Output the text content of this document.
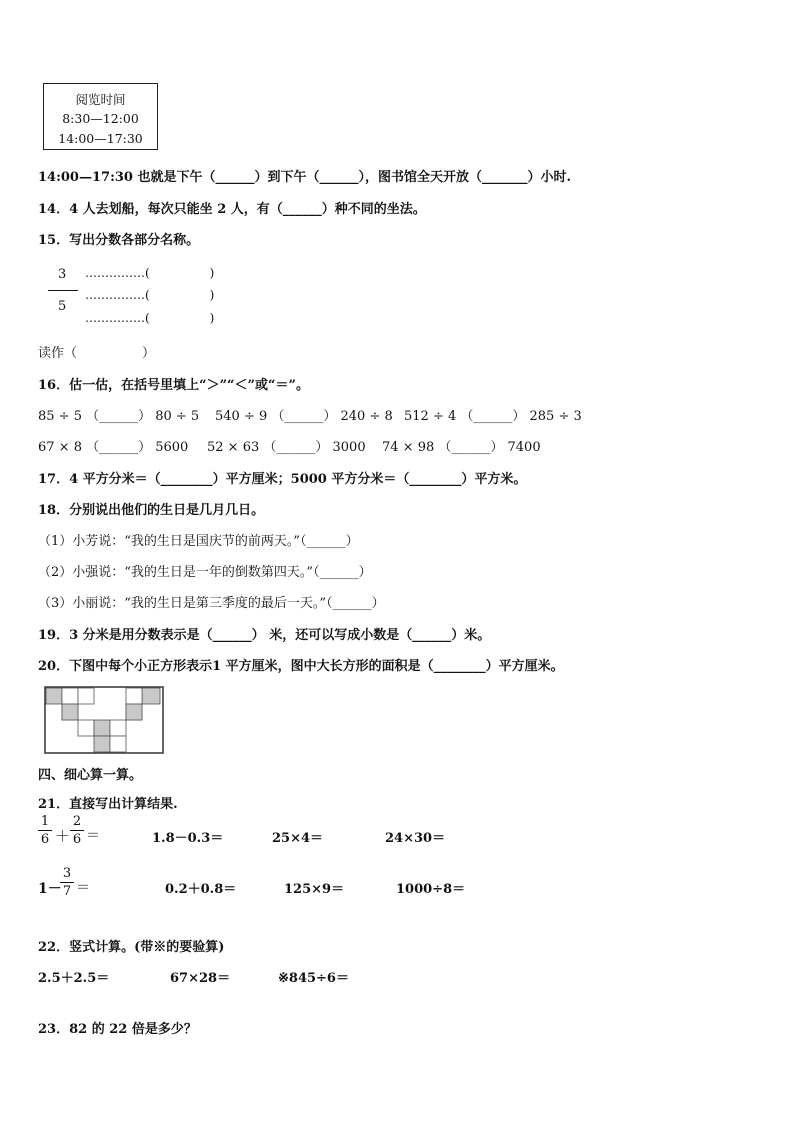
阅览时间
8:30—12:00
14:00—17:30
14:00—17:30 也就是下午（______）到下午（______），图书馆全天开放（_______）小时.
14．4 人去划船，每次只能坐 2 人，有（______）种不同的坐法。
15．写出分数各部分名称。
3
5
……………(　　　　　)
……………(　　　　　)
……………(　　　　　)
读作（　　　　　）
16．估一估，在括号里填上“＞”“＜”或“＝”。
85 ÷ 5 （______） 80 ÷ 5 540 ÷ 9 （______） 240 ÷ 8 512 ÷ 4 （______） 285 ÷ 3
67 × 8 （______） 5600 52 × 63 （______） 3000 74 × 98 （______） 7400
17．4 平方分米＝（________）平方厘米；5000 平方分米＝（________）平方米。
18．分别说出他们的生日是几月几日。
（1）小芳说：“我的生日是国庆节的前两天。”（______）
（2）小强说：“我的生日是一年的倒数第四天。”（______）
（3）小丽说：“我的生日是第三季度的最后一天。”（______）
19．3 分米是用分数表示是（______） 米，还可以写成小数是（______）米。
20．下图中每个小正方形表示1 平方厘米，图中大长方形的面积是（________）平方厘米。
四、细心算一算。
21．直接写出计算结果.
1
6 ＋
2
6 ＝	1.8－0.3＝	25×4＝	24×30＝
1－
3
7 ＝	0.2＋0.8＝	125×9＝	1000÷8＝
22．竖式计算。(带※的要验算)
2.5＋2.5＝	67×28＝	※845÷6＝
23．82 的 22 倍是多少？
